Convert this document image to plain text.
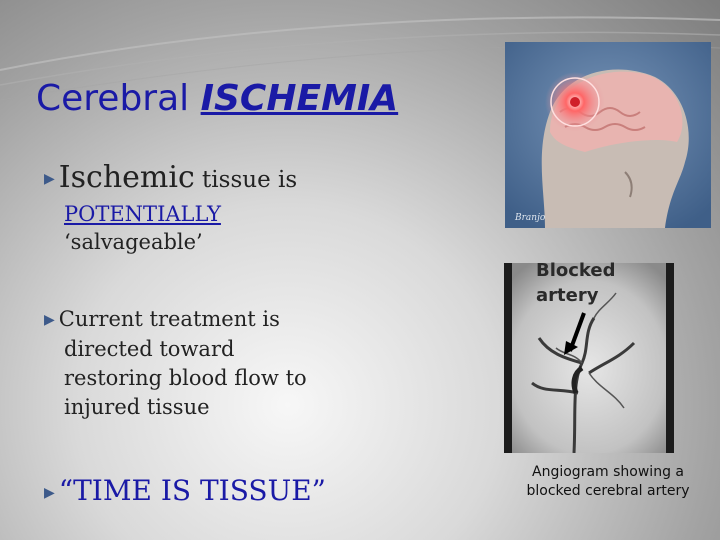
Cerebral ISCHEMIA
▶ Ischemic tissue is
POTENTIALLY
‘salvageable’
▶ Current treatment is
directed toward
restoring blood flow to
injured tissue
▶ “TIME IS TISSUE”
Branjo
Blocked
artery
Angiogram showing a
blocked cerebral artery
